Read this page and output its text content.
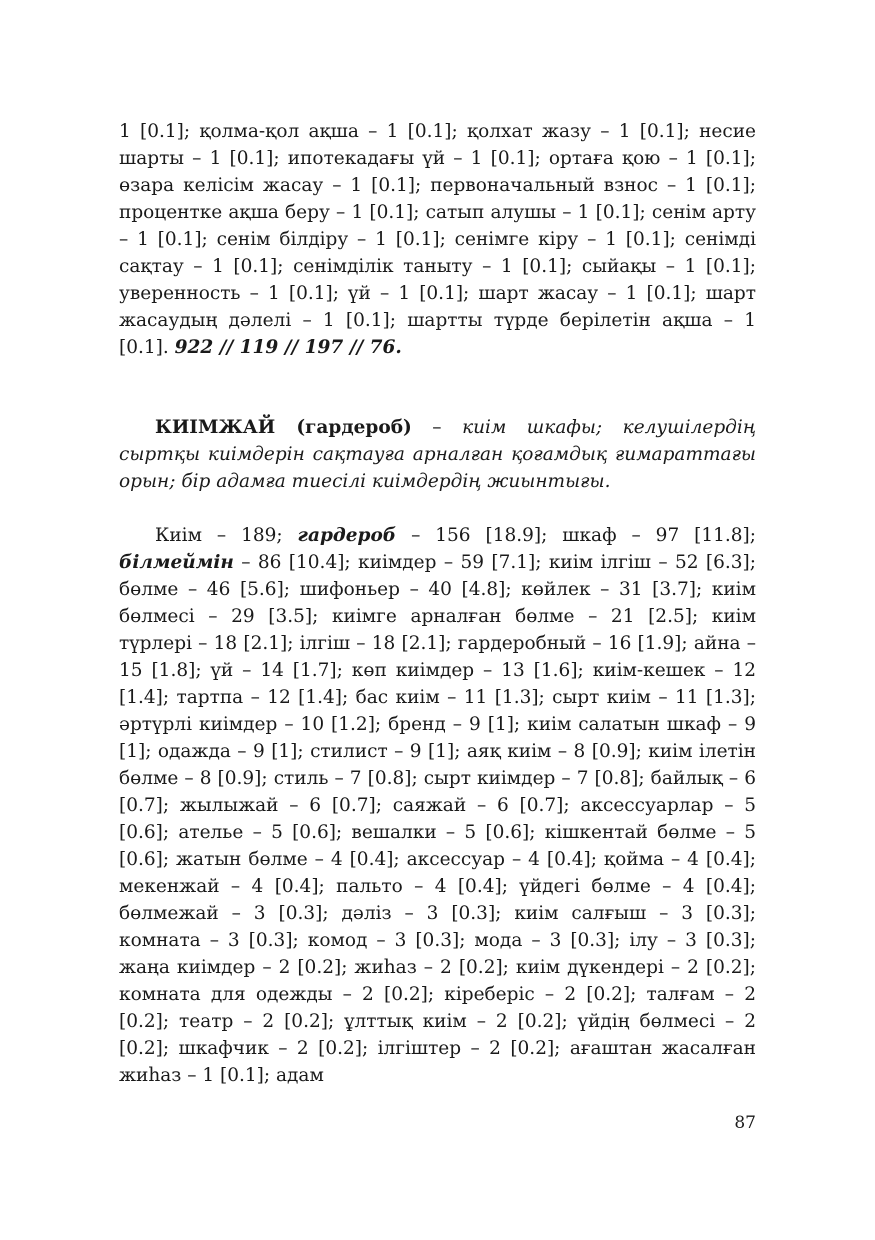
1 [0.1]; қолма-қол ақша – 1 [0.1]; қолхат жазу – 1 [0.1]; несие шарты – 1 [0.1]; ипотекадағы үй – 1 [0.1]; ортаға қою – 1 [0.1]; өзара келісім жасау – 1 [0.1]; первоначальный взнос – 1 [0.1]; процентке ақша беру – 1 [0.1]; сатып алушы – 1 [0.1]; сенім арту – 1 [0.1]; сенім білдіру – 1 [0.1]; сенімге кіру – 1 [0.1]; сенімді сақтау – 1 [0.1]; сенімділік таныту – 1 [0.1]; сыйақы – 1 [0.1]; уверенность – 1 [0.1]; үй – 1 [0.1]; шарт жасау – 1 [0.1]; шарт жасаудың дәлелі – 1 [0.1]; шартты түрде берілетін ақша – 1 [0.1]. 922 // 119 // 197 // 76.

КИІМЖАЙ (гардероб) – киім шкафы; келушілердің сыртқы киімдерін сақтауға арналған қоғамдық ғимараттағы орын; бір адамға тиесілі киімдердің жиынтығы.

Киім – 189; гардероб – 156 [18.9]; шкаф – 97 [11.8]; білмеймін – 86 [10.4]; киімдер – 59 [7.1]; киім ілгіш – 52 [6.3]; бөлме – 46 [5.6]; шифоньер – 40 [4.8]; көйлек – 31 [3.7]; киім бөлмесі – 29 [3.5]; киімге арналған бөлме – 21 [2.5]; киім түрлері – 18 [2.1]; ілгіш – 18 [2.1]; гардеробный – 16 [1.9]; айна – 15 [1.8]; үй – 14 [1.7]; көп киімдер – 13 [1.6]; киім-кешек – 12 [1.4]; тартпа – 12 [1.4]; бас киім – 11 [1.3]; сырт киім – 11 [1.3]; әртүрлі киімдер – 10 [1.2]; бренд – 9 [1]; киім салатын шкаф – 9 [1]; одажда – 9 [1]; стилист – 9 [1]; аяқ киім – 8 [0.9]; киім ілетін бөлме – 8 [0.9]; стиль – 7 [0.8]; сырт киімдер – 7 [0.8]; байлық – 6 [0.7]; жылыжай – 6 [0.7]; саяжай – 6 [0.7]; аксессуарлар – 5 [0.6]; ателье – 5 [0.6]; вешалки – 5 [0.6]; кішкентай бөлме – 5 [0.6]; жатын бөлме – 4 [0.4]; аксессуар – 4 [0.4]; қойма – 4 [0.4]; мекенжай – 4 [0.4]; пальто – 4 [0.4]; үйдегі бөлме – 4 [0.4]; бөлмежай – 3 [0.3]; дәліз – 3 [0.3]; киім салғыш – 3 [0.3]; комната – 3 [0.3]; комод – 3 [0.3]; мода – 3 [0.3]; ілу – 3 [0.3]; жаңа киімдер – 2 [0.2]; жиһаз – 2 [0.2]; киім дүкендері – 2 [0.2]; комната для одежды – 2 [0.2]; кіреберіс – 2 [0.2]; талғам – 2 [0.2]; театр – 2 [0.2]; ұлттық киім – 2 [0.2]; үйдің бөлмесі – 2 [0.2]; шкафчик – 2 [0.2]; ілгіштер – 2 [0.2]; ағаштан жасалған жиһаз – 1 [0.1]; адам

87
